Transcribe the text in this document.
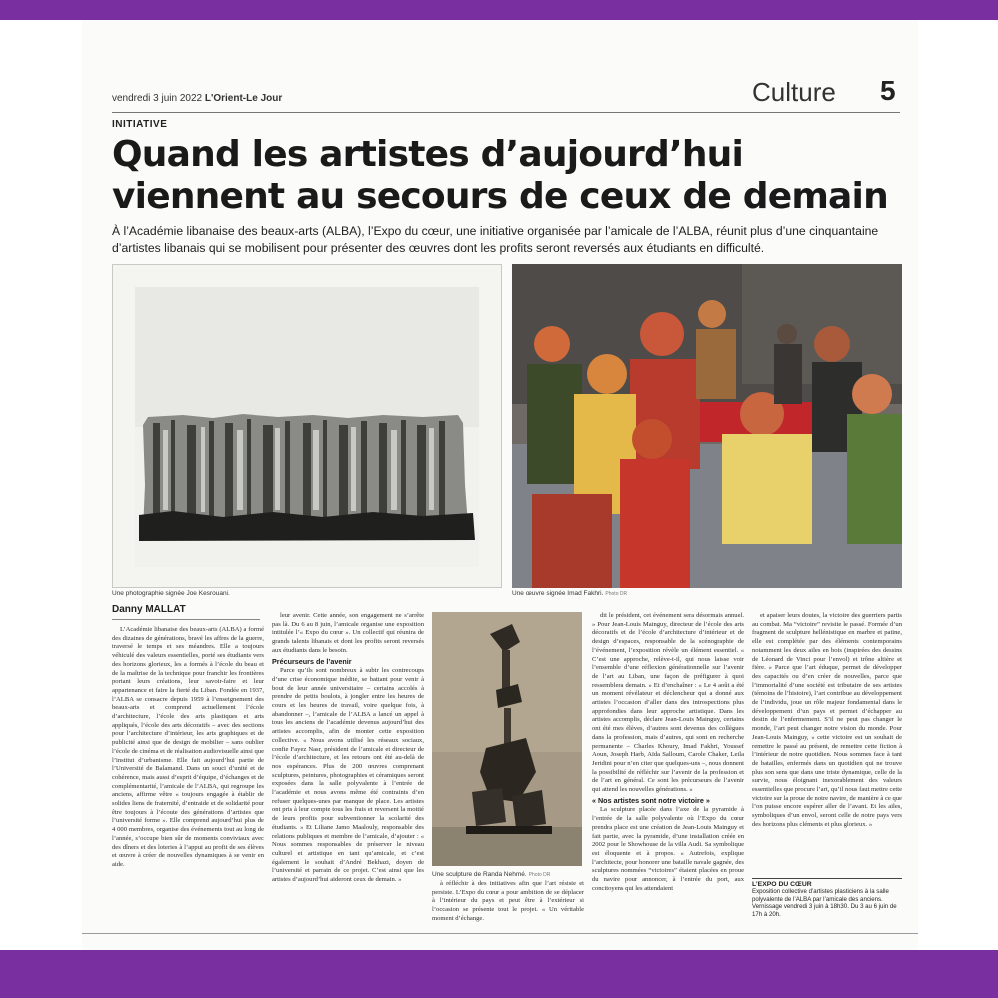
vendredi 3 juin 2022 L'Orient-Le Jour	Culture 5
INITIATIVE
Quand les artistes d’aujourd’hui viennent au secours de ceux de demain
À l’Académie libanaise des beaux-arts (ALBA), l’Expo du cœur, une initiative organisée par l’amicale de l’ALBA, réunit plus d’une cinquantaine d’artistes libanais qui se mobilisent pour présenter des œuvres dont les profits seront reversés aux étudiants en difficulté.
Une photographie signée Joe Kesrouani.	Une œuvre signée Imad Fakhri. Photo DR
Danny MALLAT

L’Académie libanaise des beaux-arts (ALBA) a formé des dizaines de générations, bravé les affres de la guerre, traversé le temps et ses méandres. Elle a toujours véhiculé des valeurs essentielles, porté ses étudiants vers des horizons glorieux, les a formés à l’école du beau et de la maîtrise de la technique pour franchir les frontières portant leurs créations, leur savoir-faire et leur appartenance et faire la fierté du Liban. Fondée en 1937, l’ALBA se consacre depuis 1959 à l’enseignement des beaux-arts et comprend actuellement l’école d’architecture, l’école des arts plastiques et arts appliqués, l’école des arts décoratifs – avec des sections pour l’architecture d’intérieur, les arts graphiques et de publicité ainsi que de design de mobilier – sans oublier l’école de cinéma et de réalisation audiovisuelle ainsi que l’institut d’urbanisme. Elle fait aujourd’hui partie de l’Université de Balamand. Dans un souci d’unité et de cohérence, mais aussi d’esprit d’équipe, d’échanges et de complémentarité, l’amicale de l’ALBA, qui regroupe les anciens, affirme vêtre « toujours engagée à établir de solides liens de fraternité, d’entraide et de solidarité pour être toujours à l’écoute des générations d’artistes que l’université forme ». Elle comprend aujourd’hui plus de 4 000 membres, organise des événements tout au long de l’année, s’occupe bien sûr de moments conviviaux avec des dîners et des loteries à l’appui au profit de ses élèves et œuvre à créer de nouvelles dynamiques à se venir en aide.

leur avenir. Cette année, son engagement ne s’arrête pas là. Du 6 au 8 juin, l’amicale organise une exposition intitulée l’« Expo du cœur ». Un collectif qui réunira de grands talents libanais et dont les profits seront reversés aux étudiants dans le besoin.

Précurseurs de l’avenir

Parce qu’ils sont nombreux à subir les contrecoups d’une crise économique inédite, se battant pour venir à bout de leur année universitaire – certains accolés à prendre de petits boulots, à jongler entre les heures de cours et les heures de travail, voire quelque fois, à abandonner –, l’amicale de l’ALBA a lancé un appel à tous les anciens de l’académie devenus aujourd’hui des artistes accomplis, afin de monter cette exposition collective. « Nous avons utilisé les réseaux sociaux, confie Fayez Nasr, président de l’amicale et directeur de l’école d’architecture, et les retours ont été au-delà de nos espérances. Plus de 200 œuvres comprenant sculptures, peintures, photographies et céramiques seront exposées dans la salle polyvalente à l’entrée de l’académie et nous avons même été contraints d’en refuser quelques-unes par manque de place. Les artistes ont pris à leur compte tous les frais et reversent la moitié de leurs profits pour subventionner la scolarité des étudiants. » Et Liliane Jamo Maalouly, responsable des relations publiques et membre de l’amicale, d’ajouter : « Nous sommes responsables de préserver le niveau culturel et artistique en tant qu’amicale, et c’est également le souhait d’André Bekhazi, doyen de l’université et parrain de ce projet. C’est ainsi que les artistes d’aujourd’hui aideront ceux de demain. »

Une sculpture de Randa Nehmé. Photo DR

à réfléchir à des initiatives afin que l’art résiste et persiste. L’Expo du cœur a pour ambition de se déplacer à l’intérieur du pays et peut être à l’extérieur si l’occasion se présente tout le projet. « Un véritable moment d’échange.

dit le président, cet événement sera désormais annuel. » Pour Jean-Louis Mainguy, directeur de l’école des arts décoratifs et de l’école d’architecture d’intérieur et de design d’espaces, responsable de la scénographie de l’événement, l’exposition révèle un élément essentiel. « C’est une approche, relève-t-il, qui nous laisse voir l’ensemble d’une réflexion générationnelle sur l’avenir de l’art au Liban, une façon de préfigurer à quoi ressemblera demain. » Et d’enchaîner : « Le 4 août a été un moment révélateur et déclencheur qui a donné aux artistes l’occasion d’aller dans des introspections plus approfondies dans leur approche artistique. Dans les artistes accomplis, déclare Jean-Louis Mainguy, certains ont été mes élèves, d’autres sont devenus des collègues dans la profession, mais d’autres, qui sont en recherche permanente – Charles Khoury, Imad Fakhri, Youssef Aoun, Joseph Harb, Aïda Salloum, Carole Chaker, Leila Jeridini pour n’en citer que quelques-uns –, nous donnent la possibilité de réfléchir sur l’avenir de la profession et de l’art en général. Ce sont les précurseurs de l’avenir qui attend les nouvelles générations. »

« Nos artistes sont notre victoire »

La sculpture placée dans l’axe de la pyramide à l’entrée de la salle polyvalente où l’Expo du cœur prendra place est une création de Jean-Louis Mainguy et fait partie, avec la pyramide, d’une installation créée en 2002 pour le Showhouse de la villa Audi. Sa symbolique est éloquente et à propos. « Autrefois, explique l’architecte, pour honorer une bataille navale gagnée, des sculptures nommées “victoires” étaient placées en proue du navire pour annoncer, à l’entrée du port, aux concitoyens qui les attendaient

et apaiser leurs doutes, la victoire des guerriers partis au combat. Ma “victoire” revisite le passé. Formée d’un fragment de sculpture hellénistique en marbre et patine, elle est complétée par des éléments contemporains notamment les deux ailes en bois (inspirées des dessins de Léonard de Vinci pour l’envol) et trône altière et fière. » Parce que l’art éduque, permet de développer des capacités ou d’en créer de nouvelles, parce que l’immortalité d’une société est tributaire de ses artistes (témoins de l’histoire), l’art contribue au développement de l’individu, joue un rôle majeur fondamental dans le développement d’un pays et permet d’échapper au destin de l’enfermement. S’il ne peut pas changer le monde, l’art peut changer notre vision du monde. Pour Jean-Louis Mainguy, « cette victoire est un souhait de remettre le passé au présent, de remettre cette fiction à l’intérieur de notre quotidien. Nous sommes face à tant de batailles, enfermés dans un quotidien qui ne trouve plus son sens que dans une triste dynamique, celle de la survie, nous éloignant inexorablement des valeurs essentielles que procure l’art, qu’il nous faut mettre cette victoire sur la proue de notre navire, de manière à ce que l’on puisse encore espérer aller de l’avant. Et les ailes, symboliques d’un envol, seront celle de notre pays vers des horizons plus cléments et plus glorieux. »

L’EXPO DU CŒUR
Exposition collective d’artistes plasticiens à la salle polyvalente de l’ALBA par l’amicale des anciens. Vernissage vendredi 3 juin à 18h30. Du 3 au 6 juin de 17h à 20h.
